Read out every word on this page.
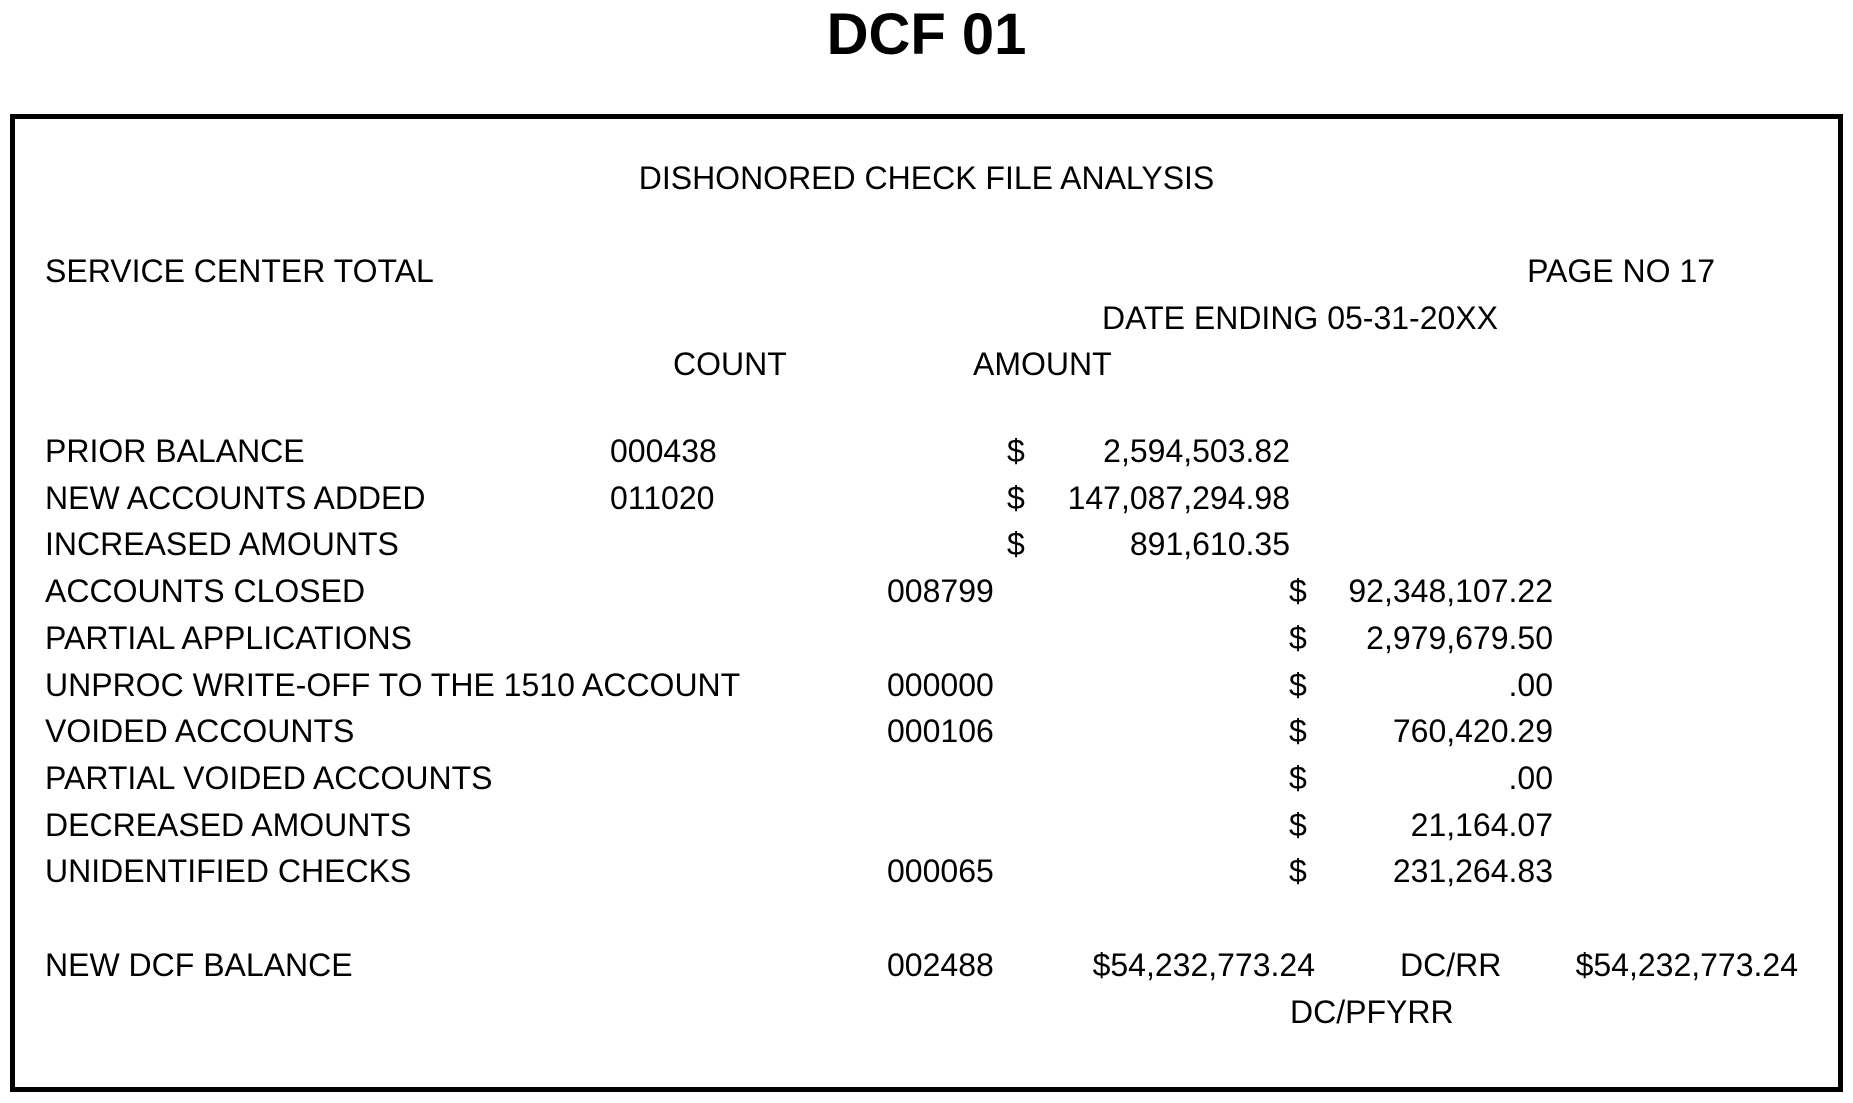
DCF 01
DISHONORED CHECK FILE ANALYSIS
SERVICE CENTER TOTAL	PAGE NO 17
DATE ENDING 05-31-20XX
COUNT	AMOUNT
PRIOR BALANCE	000438	$	2,594,503.82
NEW ACCOUNTS ADDED	011020	$	147,087,294.98
INCREASED AMOUNTS	$	891,610.35
ACCOUNTS CLOSED	008799	$	92,348,107.22
PARTIAL APPLICATIONS	$	2,979,679.50
UNPROC WRITE-OFF TO THE 1510 ACCOUNT	000000	$	.00
VOIDED ACCOUNTS	000106	$	760,420.29
PARTIAL VOIDED ACCOUNTS	$	.00
DECREASED AMOUNTS	$	21,164.07
UNIDENTIFIED CHECKS	000065	$	231,264.83
NEW DCF BALANCE	002488	$54,232,773.24	DC/RR	$54,232,773.24
DC/PFYRR
